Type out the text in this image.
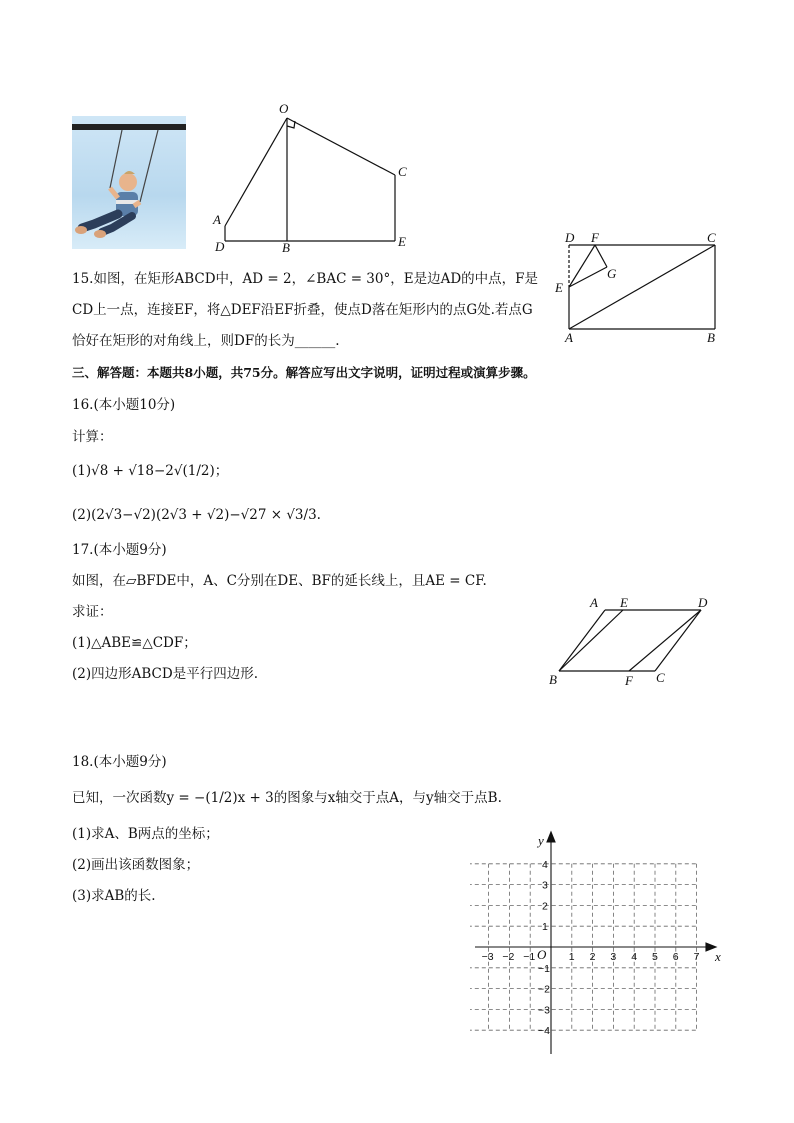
O
C
A
D	B	E	D F	C
G
E
A	B
15.如图，在矩形ABCD中，AD = 2，∠BAC = 30°，E是边AD的中点，F是
CD上一点，连接EF，将△DEF沿EF折叠，使点D落在矩形内的点G处.若点G
恰好在矩形的对角线上，则DF的长为______.
三、解答题：本题共8小题，共75分。解答应写出文字说明，证明过程或演算步骤。
16.(本小题10分)
计算：
(1)√8 + √18−2√(1/2)；
(2)(2√3−√2)(2√3 + √2)−√27 × √3/3.
17.(本小题9分)
如图，在▱BFDE中，A、C分别在DE、BF的延长线上，且AE = CF.
求证：
(1)△ABE≌△CDF；
(2)四边形ABCD是平行四边形.
A E	D
B	F C
18.(本小题9分)
已知，一次函数y = −(1/2)x + 3的图象与x轴交于点A，与y轴交于点B.
(1)求A、B两点的坐标；
(2)画出该函数图象；
(3)求AB的长.
−3 −2 −1	1 2 3 4 5 6 7
4
3
2
1
−1
−2
−3
−4
x
y
O
